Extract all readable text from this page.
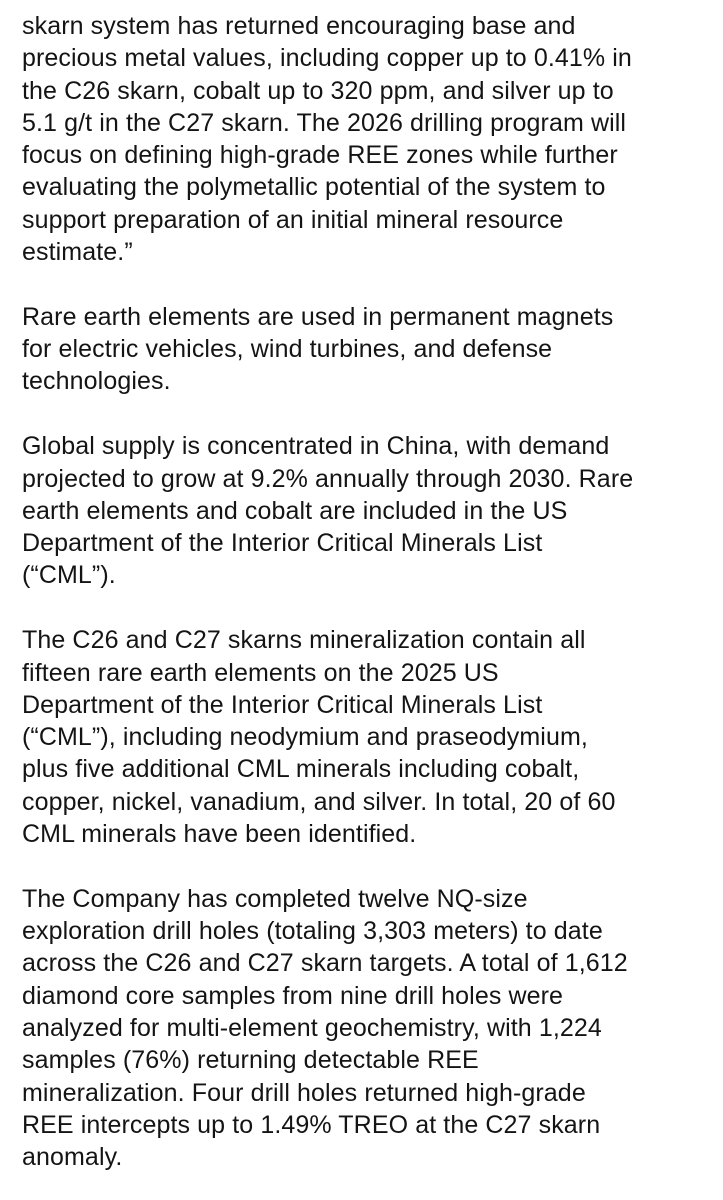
skarn system has returned encouraging base and
precious metal values, including copper up to 0.41% in
the C26 skarn, cobalt up to 320 ppm, and silver up to
5.1 g/t in the C27 skarn. The 2026 drilling program will
focus on defining high-grade REE zones while further
evaluating the polymetallic potential of the system to
support preparation of an initial mineral resource
estimate.”

Rare earth elements are used in permanent magnets
for electric vehicles, wind turbines, and defense
technologies.

Global supply is concentrated in China, with demand
projected to grow at 9.2% annually through 2030. Rare
earth elements and cobalt are included in the US
Department of the Interior Critical Minerals List
(“CML”).

The C26 and C27 skarns mineralization contain all
fifteen rare earth elements on the 2025 US
Department of the Interior Critical Minerals List
(“CML”), including neodymium and praseodymium,
plus five additional CML minerals including cobalt,
copper, nickel, vanadium, and silver. In total, 20 of 60
CML minerals have been identified.

The Company has completed twelve NQ-size
exploration drill holes (totaling 3,303 meters) to date
across the C26 and C27 skarn targets. A total of 1,612
diamond core samples from nine drill holes were
analyzed for multi-element geochemistry, with 1,224
samples (76%) returning detectable REE
mineralization. Four drill holes returned high-grade
REE intercepts up to 1.49% TREO at the C27 skarn
anomaly.
